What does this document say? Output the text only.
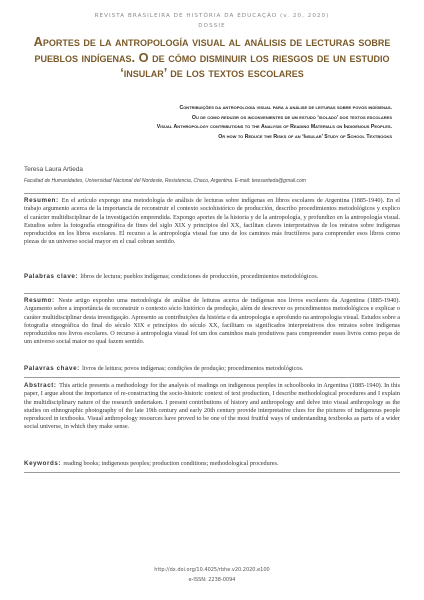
REVISTA BRASILEIRA DE HISTÓRIA DA EDUCAÇÃO (v. 20, 2020)
DOSSIE
Aportes de la antropología visual al análisis de lecturas sobre pueblos indígenas. O de cómo disminuir los riesgos de un estudio ‘insular’ de los textos escolares
Contribuições da antropologia visual para a análise de leituras sobre povos indígenas.
Ou de como reduzir os inconvenientes de um estudo ‘isolado’ dos textos escolares
Visual Anthropology contributions to the Analysis of Reading Materials on Indigenous Peoples.
Or how to Reduce the Risks of an ‘Insular’ Study of School Textbooks
Teresa Laura Artieda
Facultad de Humanidades, Universidad Nacional del Nordeste, Resistencia, Chaco, Argentina. E-mail: teresartieda@gmail.com

Resumen: En el artículo expongo una metodología de análisis de lecturas sobre indígenas en libros escolares de Argentina (1885-1940). En el trabajo argumento acerca de la importancia de reconstruir el contexto sociohistórico de producción, describo procedimientos metodológicos y explico el carácter multidisciplinar de la investigación emprendida. Expongo aportes de la historia y de la antropología, y profundizo en la antropología visual. Estudios sobre la fotografía etnográfica de fines del siglo XIX y principios del XX, facilitan claves interpretativas de los retratos sobre indígenas reproducidos en los libros escolares. El recurso a la antropología visual fue uno de los caminos más fructíferos para comprender esos libros como piezas de un universo social mayor en el cual cobran sentido.

Palabras clave: libros de lectura; pueblos indígenas; condiciones de producción, procedimientos metodológicos.

Resumo: Neste artigo exponho uma metodologia de análise de leituras acerca de indígenas nos livros escolares da Argentina (1885-1940). Argumento sobre a importância de reconstruir o contexto sócio histórico da produção, além de descrever os procedimentos metodológicos e explicar o caráter multidisciplinar desta investigação. Apresento as contribuições da história e da antropologia e aprofundo na antropologia visual. Estudos sobre a fotografia etnográfica do final do século XIX e princípios do século XX, facilitam os significados interpretativos dos retratos sobre indígenas reproduzidos nos livros escolares. O recurso à antropologia visual foi um dos caminhos mais produtivos para compreender esses livros como peças de um universo social maior no qual fazem sentido.

Palavras chave: livros de leitura; povos indígenas; condições de produção; procedimentos metodológicos.

Abstract: This article presents a methodology for the analysis of readings on indigenous peoples in schoolbooks in Argentina (1885-1940). In this paper, I argue about the importance of re-constructing the socio-historic context of text production, I describe methodological procedures and I explain the multidisciplinary nature of the research undertaken. I present contributions of history and anthropology and delve into visual anthropology as the studies on ethnographic photography of the late 19th century and early 20th century provide interpretative clues for the pictures of indigenous people reproduced in textbooks. Visual anthropology resources have proved to be one of the most fruitful ways of understanding textbooks as parts of a wider social universe, in which they make sense.

Keywords: reading books; indigenous peoples; production conditions; methodological procedures.

http://dx.doi.org/10.4025/rbhe.v20.2020.e100
e-ISSN: 2238-0094
